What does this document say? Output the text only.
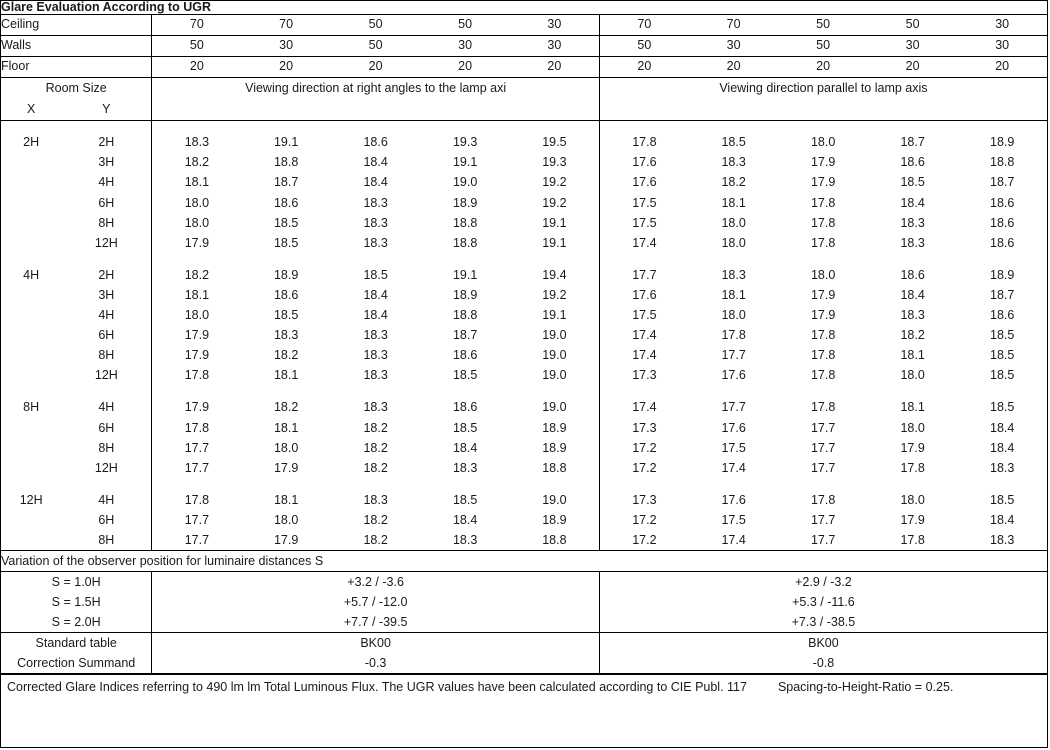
Glare Evaluation According to UGR											
Ceiling		70	70	50	50	30	70	70	50	50	30
Walls		50	30	50	30	30	50	30	50	30	30
Floor		20	20	20	20	20	20	20	20	20	20
Room Size		Viewing direction at right angles to the lamp axi					Viewing direction parallel to lamp axis				
X	Y										

2H	2H	18.3	19.1	18.6	19.3	19.5	17.8	18.5	18.0	18.7	18.9
	3H	18.2	18.8	18.4	19.1	19.3	17.6	18.3	17.9	18.6	18.8
	4H	18.1	18.7	18.4	19.0	19.2	17.6	18.2	17.9	18.5	18.7
	6H	18.0	18.6	18.3	18.9	19.2	17.5	18.1	17.8	18.4	18.6
	8H	18.0	18.5	18.3	18.8	19.1	17.5	18.0	17.8	18.3	18.6
	12H	17.9	18.5	18.3	18.8	19.1	17.4	18.0	17.8	18.3	18.6

4H	2H	18.2	18.9	18.5	19.1	19.4	17.7	18.3	18.0	18.6	18.9
	3H	18.1	18.6	18.4	18.9	19.2	17.6	18.1	17.9	18.4	18.7
	4H	18.0	18.5	18.4	18.8	19.1	17.5	18.0	17.9	18.3	18.6
	6H	17.9	18.3	18.3	18.7	19.0	17.4	17.8	17.8	18.2	18.5
	8H	17.9	18.2	18.3	18.6	19.0	17.4	17.7	17.8	18.1	18.5
	12H	17.8	18.1	18.3	18.5	19.0	17.3	17.6	17.8	18.0	18.5

8H	4H	17.9	18.2	18.3	18.6	19.0	17.4	17.7	17.8	18.1	18.5
	6H	17.8	18.1	18.2	18.5	18.9	17.3	17.6	17.7	18.0	18.4
	8H	17.7	18.0	18.2	18.4	18.9	17.2	17.5	17.7	17.9	18.4
	12H	17.7	17.9	18.2	18.3	18.8	17.2	17.4	17.7	17.8	18.3

12H	4H	17.8	18.1	18.3	18.5	19.0	17.3	17.6	17.8	18.0	18.5
	6H	17.7	18.0	18.2	18.4	18.9	17.2	17.5	17.7	17.9	18.4
	8H	17.7	17.9	18.2	18.3	18.8	17.2	17.4	17.7	17.8	18.3
Variation of the observer position for luminaire distances S											
S = 1.0H		+3.2 / -3.6					+2.9 / -3.2				
S = 1.5H		+5.7 / -12.0					+5.3 / -11.6				
S = 2.0H		+7.7 / -39.5					+7.3 / -38.5				
Standard table		BK00					BK00				
Correction Summand		-0.3					-0.8				
Corrected Glare Indices referring to 490 lm lm Total Luminous Flux. The UGR values have been calculated according to CIE Publ. 117 Spacing-to-Height-Ratio = 0.25.
